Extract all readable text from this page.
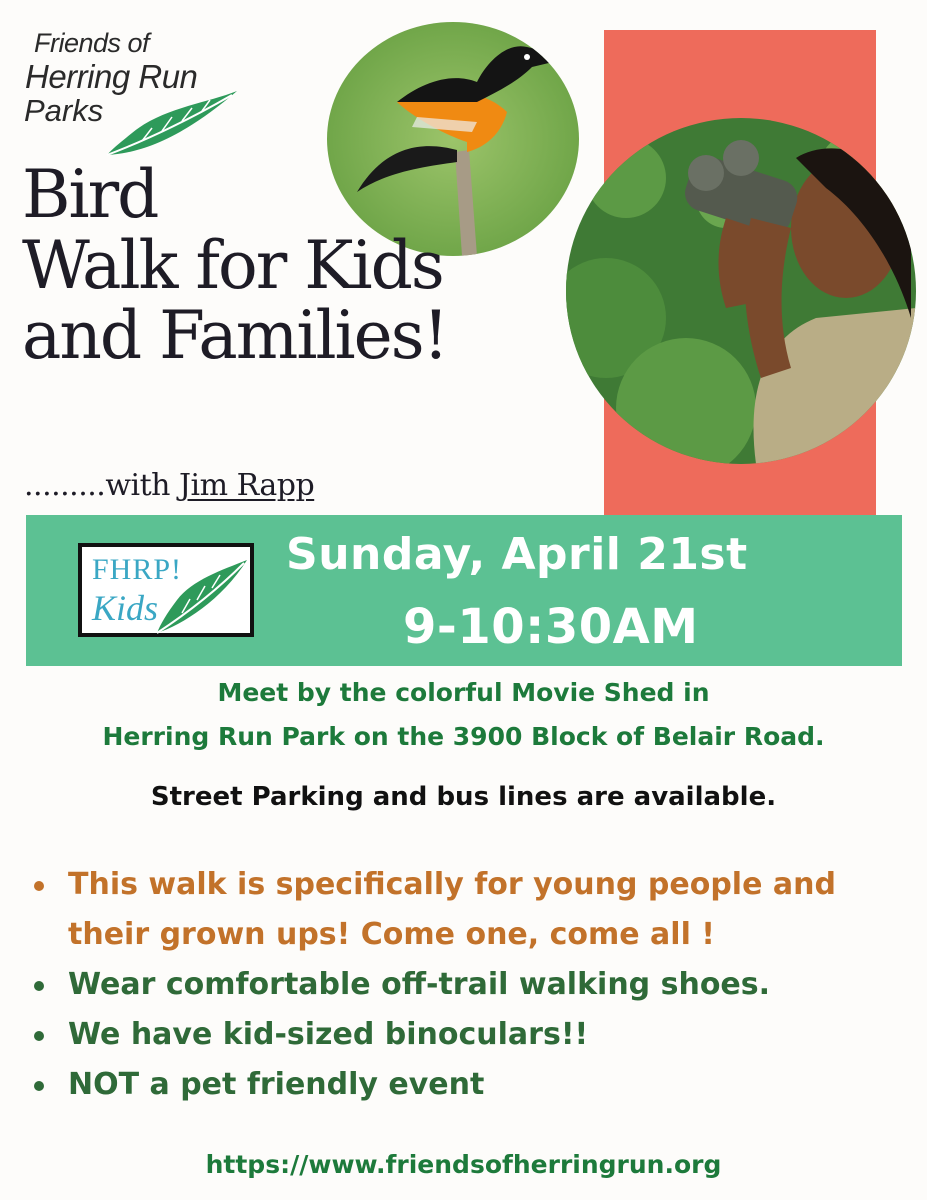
Friends of
Herring Run
Parks
Bird
Walk for Kids
and Families!
.........with Jim Rapp
FHRP!
Kids
Sunday, April 21st
9-10:30AM
Meet by the colorful Movie Shed in
Herring Run Park on the 3900 Block of Belair Road.
Street Parking and bus lines are available.
This walk is specifically for young people and
their grown ups! Come one, come all !
Wear comfortable off-trail walking shoes.
We have kid-sized binoculars!!
NOT a pet friendly event
https://www.friendsofherringrun.org
